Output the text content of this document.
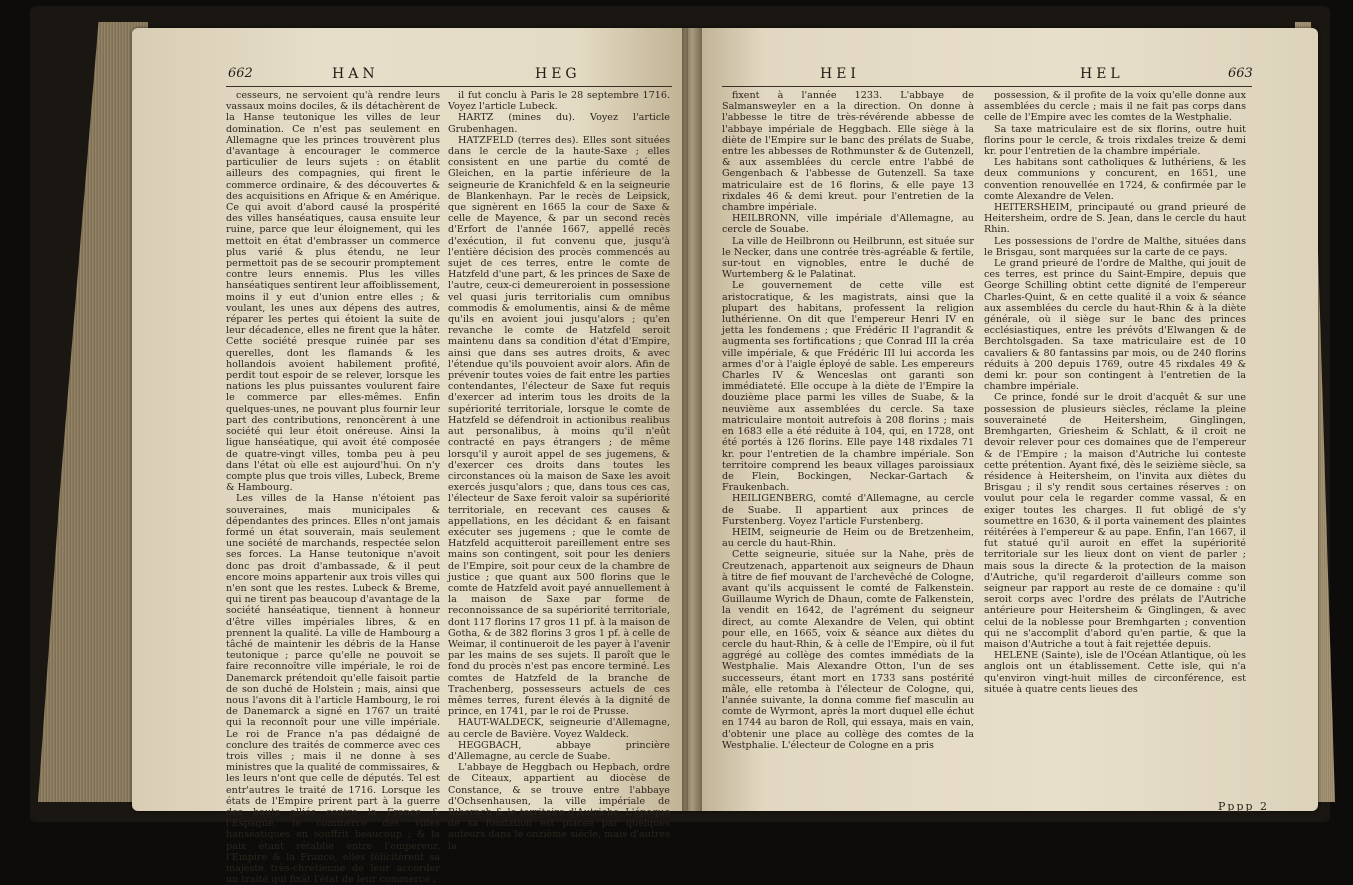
662	HAN	HEG

cesseurs, ne servoient qu'à rendre leurs vassaux moins dociles, & ils détachèrent de la Hanse teutonique les villes de leur domination. Ce n'est pas seulement en Allemagne que les princes trouvèrent plus d'avantage à encourager le commerce particulier de leurs sujets : on établit ailleurs des compagnies, qui firent le commerce ordinaire, & des découvertes & des acquisitions en Afrique & en Amérique. Ce qui avoit d'abord causé la prospérité des villes hanséatiques, causa ensuite leur ruine, parce que leur éloignement, qui les mettoit en état d'embrasser un commerce plus varié & plus étendu, ne leur permettoit pas de se secourir promptement contre leurs ennemis. Plus les villes hanséatiques sentirent leur affoiblissement, moins il y eut d'union entre elles ; & voulant, les unes aux dépens des autres, réparer les pertes qui étoient la suite de leur décadence, elles ne firent que la hâter. Cette société presque ruinée par ses querelles, dont les flamands & les hollandois avoient habilement profité, perdit tout espoir de se relever, lorsque les nations les plus puissantes voulurent faire le commerce par elles-mêmes. Enfin quelques-unes, ne pouvant plus fournir leur part des contributions, renoncèrent à une société qui leur étoit onéreuse. Ainsi la ligue hanséatique, qui avoit été composée de quatre-vingt villes, tomba peu à peu dans l'état où elle est aujourd'hui. On n'y compte plus que trois villes, Lubeck, Breme & Hambourg.

Les villes de la Hanse n'étoient pas souveraines, mais municipales & dépendantes des princes. Elles n'ont jamais formé un état souverain, mais seulement une société de marchands, respectée selon ses forces. La Hanse teutonique n'avoit donc pas droit d'ambassade, & il peut encore moins appartenir aux trois villes qui n'en sont que les restes. Lubeck & Breme, qui ne tirent pas beaucoup d'avantage de la société hanséatique, tiennent à honneur d'être villes impériales libres, & en prennent la qualité. La ville de Hambourg a tâché de maintenir les débris de la Hanse teutonique ; parce qu'elle ne pouvoit se faire reconnoître ville impériale, le roi de Danemarck prétendoit qu'elle faisoit partie de son duché de Holstein ; mais, ainsi que nous l'avons dit à l'article Hambourg, le roi de Danemarck a signé en 1767 un traité qui la reconnoît pour une ville impériale. Le roi de France n'a pas dédaigné de conclure des traités de commerce avec ces trois villes ; mais il ne donne à ses ministres que la qualité de commissaires, & les leurs n'ont que celle de députés. Tel est entr'autres le traité de 1716. Lorsque les états de l'Empire prirent part à la guerre des hauts alliés contre la France & l'Espagne, le commerce des villes hanséatiques en souffrit beaucoup ; & la paix étant rétablie entre l'empereur, l'Empire & la France, elles félicitèrent sa majesté très-chrétienne de leur accorder un traité qui fixât l'état de leur commerce ;

il fut conclu à Paris le 28 septembre 1716. Voyez l'article Lubeck.

HARTZ (mines du). Voyez l'article Grubenhagen.

HATZFELD (terres des). Elles sont situées dans le cercle de la haute-Saxe ; elles consistent en une partie du comté de Gleichen, en la partie inférieure de la seigneurie de Kranichfeld & en la seigneurie de Blankenhayn. Par le recès de Leipsick, que signèrent en 1665 la cour de Saxe & celle de Mayence, & par un second recès d'Erfort de l'année 1667, appellé recès d'exécution, il fut convenu que, jusqu'à l'entière décision des procès commencés au sujet de ces terres, entre le comte de Hatzfeld d'une part, & les princes de Saxe de l'autre, ceux-ci demeureroient in possessione vel quasi juris territorialis cum omnibus commodis & emolumentis, ainsi & de même qu'ils en avoient joui jusqu'alors ; qu'en revanche le comte de Hatzfeld seroit maintenu dans sa condition d'état d'Empire, ainsi que dans ses autres droits, & avec l'étendue qu'ils pouvoient avoir alors. Afin de prévenir toutes voies de fait entre les parties contendantes, l'électeur de Saxe fut requis d'exercer ad interim tous les droits de la supériorité territoriale, lorsque le comte de Hatzfeld se défendroit in actionibus realibus aut personalibus, à moins qu'il n'eût contracté en pays étrangers ; de même lorsqu'il y auroit appel de ses jugemens, & d'exercer ces droits dans toutes les circonstances où la maison de Saxe les avoit exercés jusqu'alors ; que, dans tous ces cas, l'électeur de Saxe feroit valoir sa supériorité territoriale, en recevant ces causes & appellations, en les décidant & en faisant exécuter ses jugemens ; que le comte de Hatzfeld acquitteroit pareillement entre ses mains son contingent, soit pour les deniers de l'Empire, soit pour ceux de la chambre de justice ; que quant aux 500 florins que le comte de Hatzfeld avoit payé annuellement à la maison de Saxe par forme de reconnoissance de sa supériorité territoriale, dont 117 florins 17 gros 11 pf. à la maison de Gotha, & de 382 florins 3 gros 1 pf. à celle de Weimar, il continueroit de les payer à l'avenir par les mains de ses sujets. Il paroît que le fond du procès n'est pas encore terminé. Les comtes de Hatzfeld de la branche de Trachenberg, possesseurs actuels de ces mêmes terres, furent élevés à la dignité de prince, en 1741, par le roi de Prusse.

HAUT-WALDECK, seigneurie d'Allemagne, au cercle de Bavière. Voyez Waldeck.

HEGGBACH, abbaye princière d'Allemagne, au cercle de Suabe.

L'abbaye de Heggbach ou Hepbach, ordre de Citeaux, appartient au diocèse de Constance, & se trouve entre l'abbaye d'Ochsenhausen, la ville impériale de Biberach & le territoire d'Autriche. L'époque de sa fondation est placée par quelques auteurs dans le onzième siècle, mais d'autres la

HEI	HEL	663

fixent à l'année 1233. L'abbaye de Salmansweyler en a la direction. On donne à l'abbesse le titre de très-révérende abbesse de l'abbaye impériale de Heggbach. Elle siège à la diète de l'Empire sur le banc des prélats de Suabe, entre les abbesses de Rothmunster & de Gutenzell, & aux assemblées du cercle entre l'abbé de Gengenbach & l'abbesse de Gutenzell. Sa taxe matriculaire est de 16 florins, & elle paye 13 rixdales 46 & demi kreut. pour l'entretien de la chambre impériale.

HEILBRONN, ville impériale d'Allemagne, au cercle de Souabe.

La ville de Heilbronn ou Heilbrunn, est située sur le Necker, dans une contrée très-agréable & fertile, sur-tout en vignobles, entre le duché de Wurtemberg & le Palatinat.

Le gouvernement de cette ville est aristocratique, & les magistrats, ainsi que la plupart des habitans, professent la religion luthérienne. On dit que l'empereur Henri IV en jetta les fondemens ; que Frédéric II l'agrandit & augmenta ses fortifications ; que Conrad III la créa ville impériale, & que Frédéric III lui accorda les armes d'or à l'aigle éployé de sable. Les empereurs Charles IV & Wenceslas ont garanti son immédiateté. Elle occupe à la diète de l'Empire la douzième place parmi les villes de Suabe, & la neuvième aux assemblées du cercle. Sa taxe matriculaire montoit autrefois à 208 florins ; mais en 1683 elle a été réduite à 104, qui, en 1728, ont été portés à 126 florins. Elle paye 148 rixdales 71 kr. pour l'entretien de la chambre impériale. Son territoire comprend les beaux villages paroissiaux de Flein, Bockingen, Neckar-Gartach & Fraukenbach.

HEILIGENBERG, comté d'Allemagne, au cercle de Suabe. Il appartient aux princes de Furstenberg. Voyez l'article Furstenberg.

HEIM, seigneurie de Heim ou de Bretzenheim, au cercle du haut-Rhin.

Cette seigneurie, située sur la Nahe, près de Creutzenach, appartenoit aux seigneurs de Dhaun à titre de fief mouvant de l'archevêché de Cologne, avant qu'ils acquissent le comté de Falkenstein. Guillaume Wyrich de Dhaun, comte de Falkenstein, la vendit en 1642, de l'agrément du seigneur direct, au comte Alexandre de Velen, qui obtint pour elle, en 1665, voix & séance aux diètes du cercle du haut-Rhin, & à celle de l'Empire, où il fut aggrégé au collège des comtes immédiats de la Westphalie. Mais Alexandre Otton, l'un de ses successeurs, étant mort en 1733 sans postérité mâle, elle retomba à l'électeur de Cologne, qui, l'année suivante, la donna comme fief masculin au comte de Wyrmont, après la mort duquel elle échut en 1744 au baron de Roll, qui essaya, mais en vain, d'obtenir une place au collège des comtes de la Westphalie. L'électeur de Cologne en a pris

possession, & il profite de la voix qu'elle donne aux assemblées du cercle ; mais il ne fait pas corps dans celle de l'Empire avec les comtes de la Westphalie.

Sa taxe matriculaire est de six florins, outre huit florins pour le cercle, & trois rixdales treize & demi kr. pour l'entretien de la chambre impériale.

Les habitans sont catholiques & luthériens, & les deux communions y concurent, en 1651, une convention renouvellée en 1724, & confirmée par le comte Alexandre de Velen.

HEITERSHEIM, principauté ou grand prieuré de Heitersheim, ordre de S. Jean, dans le cercle du haut Rhin.

Les possessions de l'ordre de Malthe, situées dans le Brisgau, sont marquées sur la carte de ce pays.

Le grand prieuré de l'ordre de Malthe, qui jouit de ces terres, est prince du Saint-Empire, depuis que George Schilling obtint cette dignité de l'empereur Charles-Quint, & en cette qualité il a voix & séance aux assemblées du cercle du haut-Rhin & à la diète générale, où il siège sur le banc des princes ecclésiastiques, entre les prévôts d'Elwangen & de Berchtolsgaden. Sa taxe matriculaire est de 10 cavaliers & 80 fantassins par mois, ou de 240 florins réduits à 200 depuis 1769, outre 45 rixdales 49 & demi kr. pour son contingent à l'entretien de la chambre impériale.

Ce prince, fondé sur le droit d'acquêt & sur une possession de plusieurs siècles, réclame la pleine souveraineté de Heitersheim, Ginglingen, Bremhgarten, Griesheim & Schlatt, & il croit ne devoir relever pour ces domaines que de l'empereur & de l'Empire ; la maison d'Autriche lui conteste cette prétention. Ayant fixé, dès le seizième siècle, sa résidence à Heitersheim, on l'invita aux diètes du Brisgau ; il s'y rendit sous certaines réserves : on voulut pour cela le regarder comme vassal, & en exiger toutes les charges. Il fut obligé de s'y soumettre en 1630, & il porta vainement des plaintes réitérées à l'empereur & au pape. Enfin, l'an 1667, il fut statué qu'il auroit en effet la supériorité territoriale sur les lieux dont on vient de parler ; mais sous la directe & la protection de la maison d'Autriche, qu'il regarderoit d'ailleurs comme son seigneur par rapport au reste de ce domaine : qu'il seroit corps avec l'ordre des prélats de l'Autriche antérieure pour Heitersheim & Ginglingen, & avec celui de la noblesse pour Bremhgarten ; convention qui ne s'accomplit d'abord qu'en partie, & que la maison d'Autriche a tout à fait rejettée depuis.

HELENE (Sainte), isle de l'Océan Atlantique, où les anglois ont un établissement. Cette isle, qui n'a qu'environ vingt-huit milles de circonférence, est située à quatre cents lieues des

Pppp 2
